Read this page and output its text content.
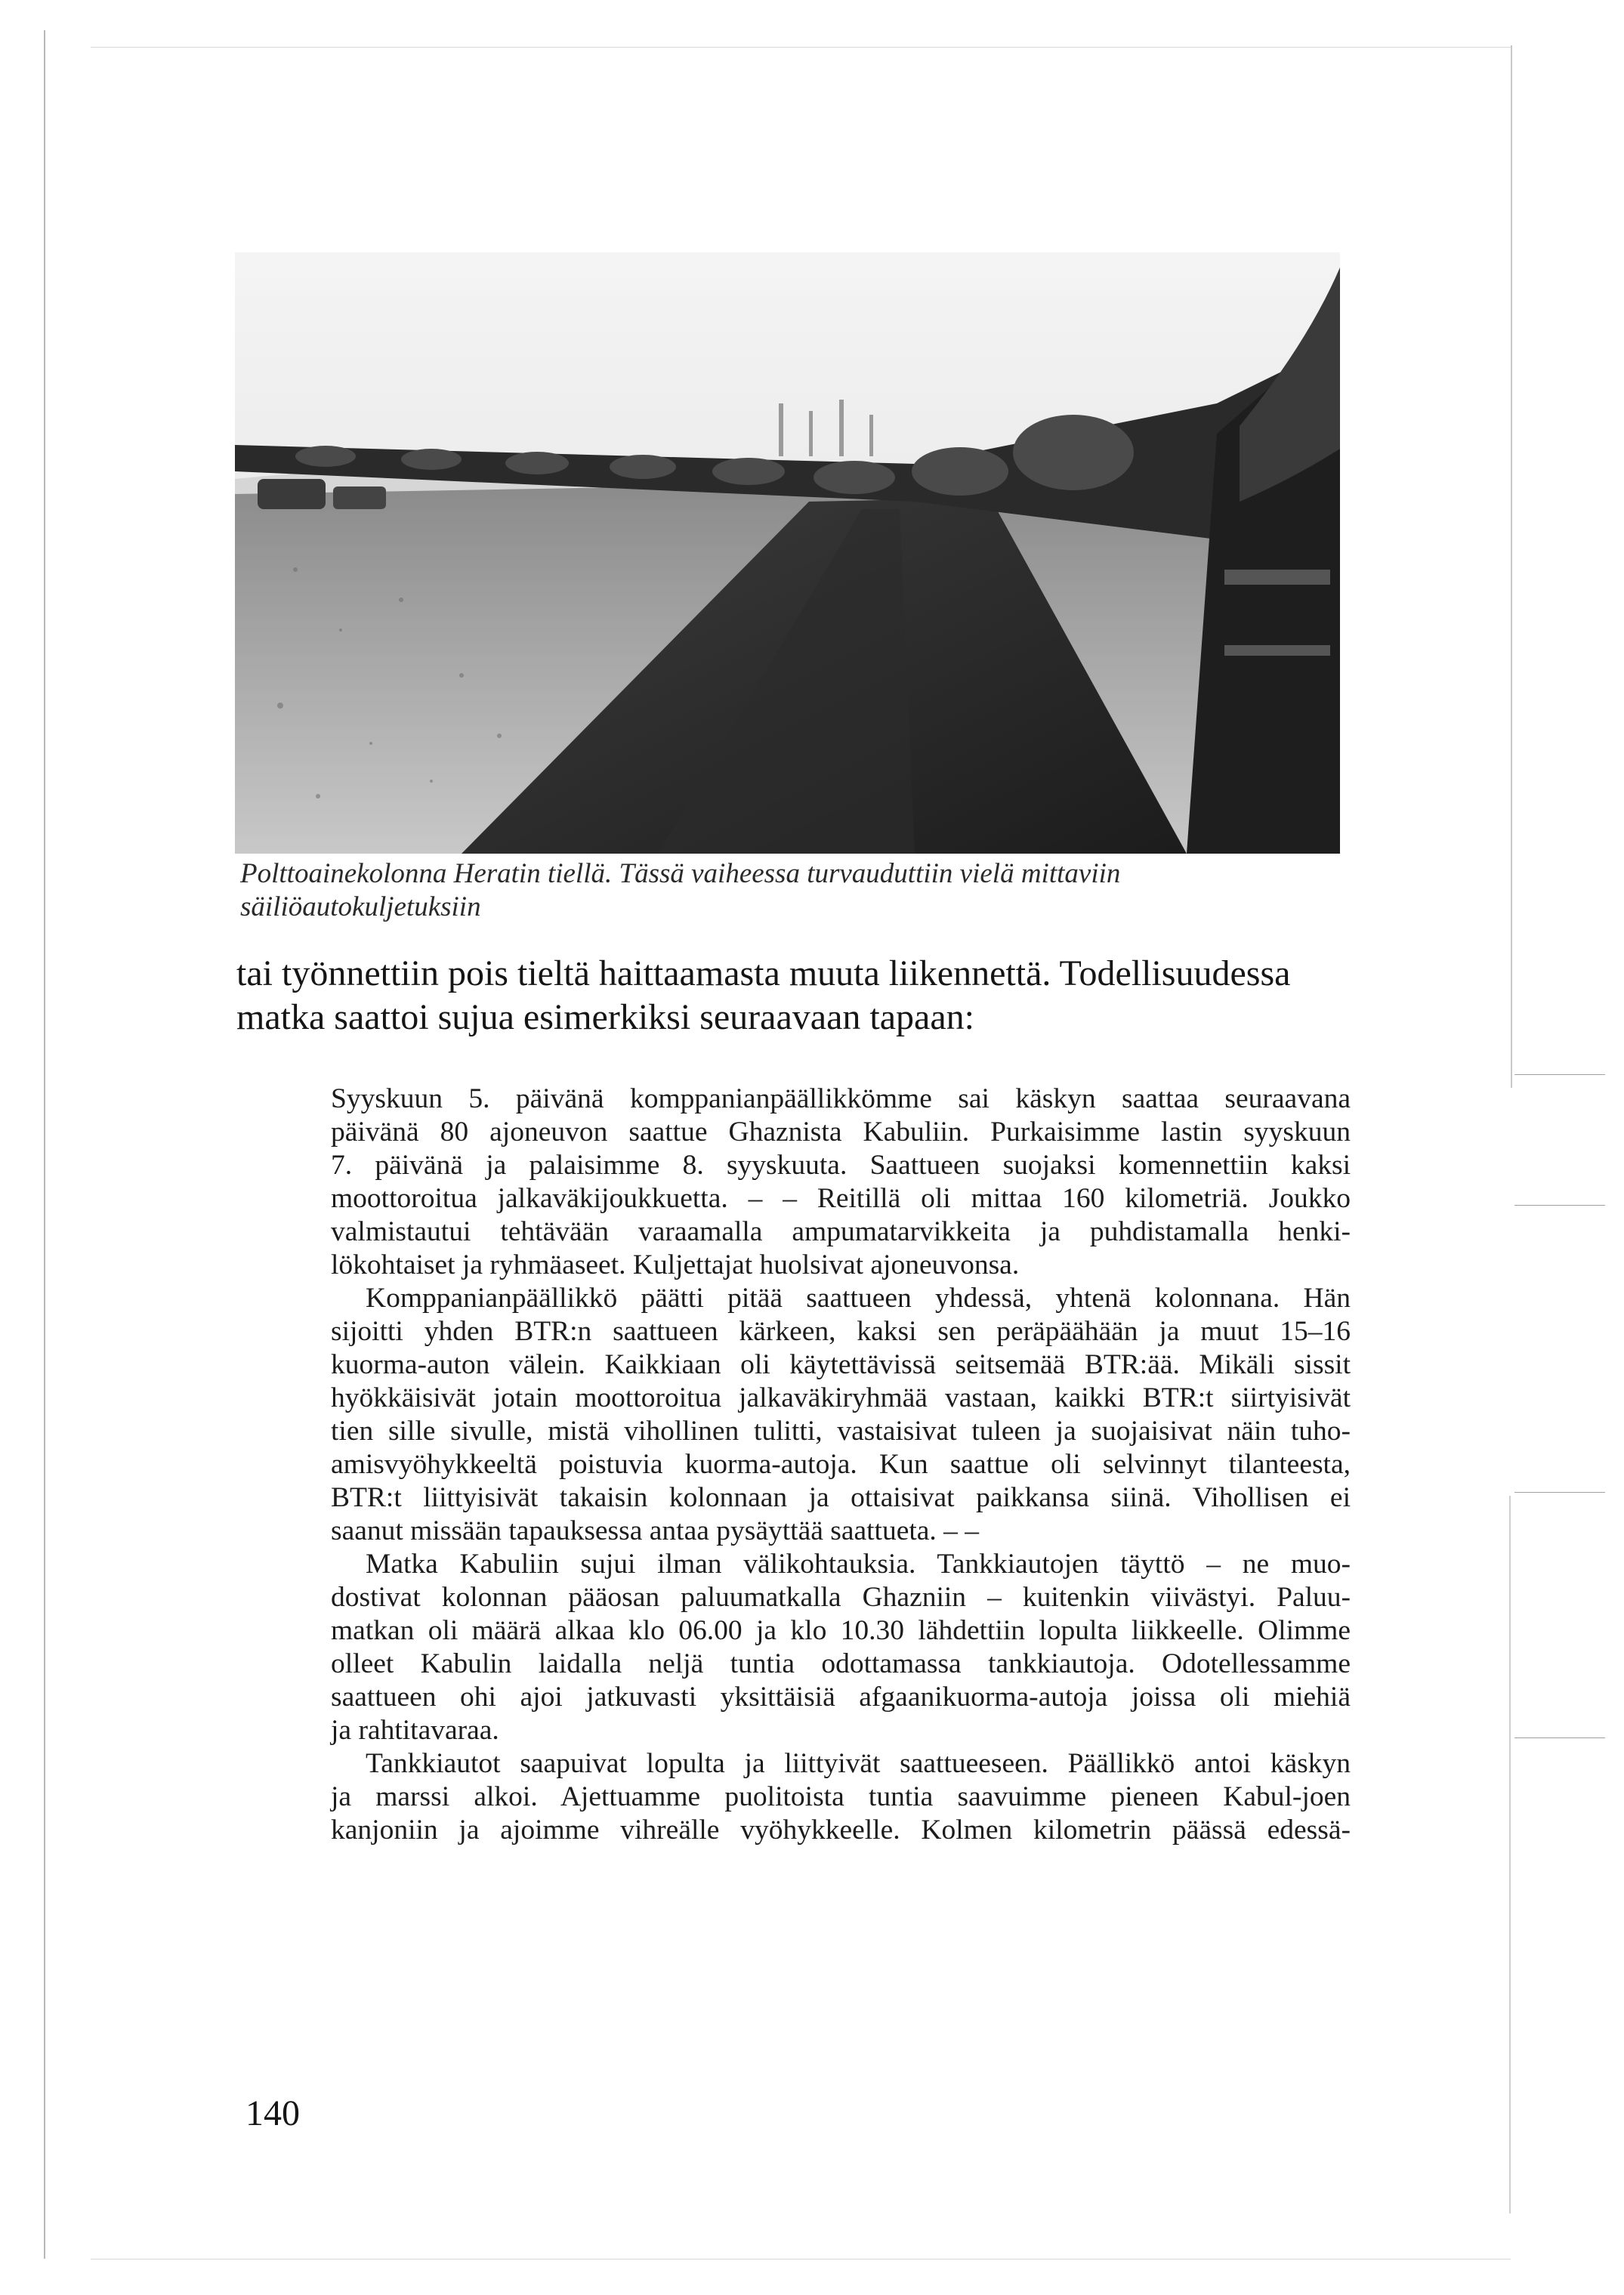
Polttoainekolonna Heratin tiellä. Tässä vaiheessa turvauduttiin vielä mittaviin
säiliöautokuljetuksiin
tai työnnettiin pois tieltä haittaamasta muuta liikennettä. Todellisuudessa
matka saattoi sujua esimerkiksi seuraavaan tapaan:
Syyskuun 5. päivänä komppanianpäällikkömme sai käskyn saattaa seuraavana
päivänä 80 ajoneuvon saattue Ghaznista Kabuliin. Purkaisimme lastin syyskuun
7. päivänä ja palaisimme 8. syyskuuta. Saattueen suojaksi komennettiin kaksi
moottoroitua jalkaväkijoukkuetta. – – Reitillä oli mittaa 160 kilometriä. Joukko
valmistautui tehtävään varaamalla ampumatarvikkeita ja puhdistamalla henki-
lökohtaiset ja ryhmäaseet. Kuljettajat huolsivat ajoneuvonsa.
Komppanianpäällikkö päätti pitää saattueen yhdessä, yhtenä kolonnana. Hän
sijoitti yhden BTR:n saattueen kärkeen, kaksi sen peräpäähään ja muut 15–16
kuorma-auton välein. Kaikkiaan oli käytettävissä seitsemää BTR:ää. Mikäli sissit
hyökkäisivät jotain moottoroitua jalkaväkiryhmää vastaan, kaikki BTR:t siirtyisivät
tien sille sivulle, mistä vihollinen tulitti, vastaisivat tuleen ja suojaisivat näin tuho-
amisvyöhykkeeltä poistuvia kuorma-autoja. Kun saattue oli selvinnyt tilanteesta,
BTR:t liittyisivät takaisin kolonnaan ja ottaisivat paikkansa siinä. Vihollisen ei
saanut missään tapauksessa antaa pysäyttää saattueta. – –
Matka Kabuliin sujui ilman välikohtauksia. Tankkiautojen täyttö – ne muo-
dostivat kolonnan pääosan paluumatkalla Ghazniin – kuitenkin viivästyi. Paluu-
matkan oli määrä alkaa klo 06.00 ja klo 10.30 lähdettiin lopulta liikkeelle. Olimme
olleet Kabulin laidalla neljä tuntia odottamassa tankkiautoja. Odotellessamme
saattueen ohi ajoi jatkuvasti yksittäisiä afgaanikuorma-autoja joissa oli miehiä
ja rahtitavaraa.
Tankkiautot saapuivat lopulta ja liittyivät saattueeseen. Päällikkö antoi käskyn
ja marssi alkoi. Ajettuamme puolitoista tuntia saavuimme pieneen Kabul-joen
kanjoniin ja ajoimme vihreälle vyöhykkeelle. Kolmen kilometrin päässä edessä-
140
